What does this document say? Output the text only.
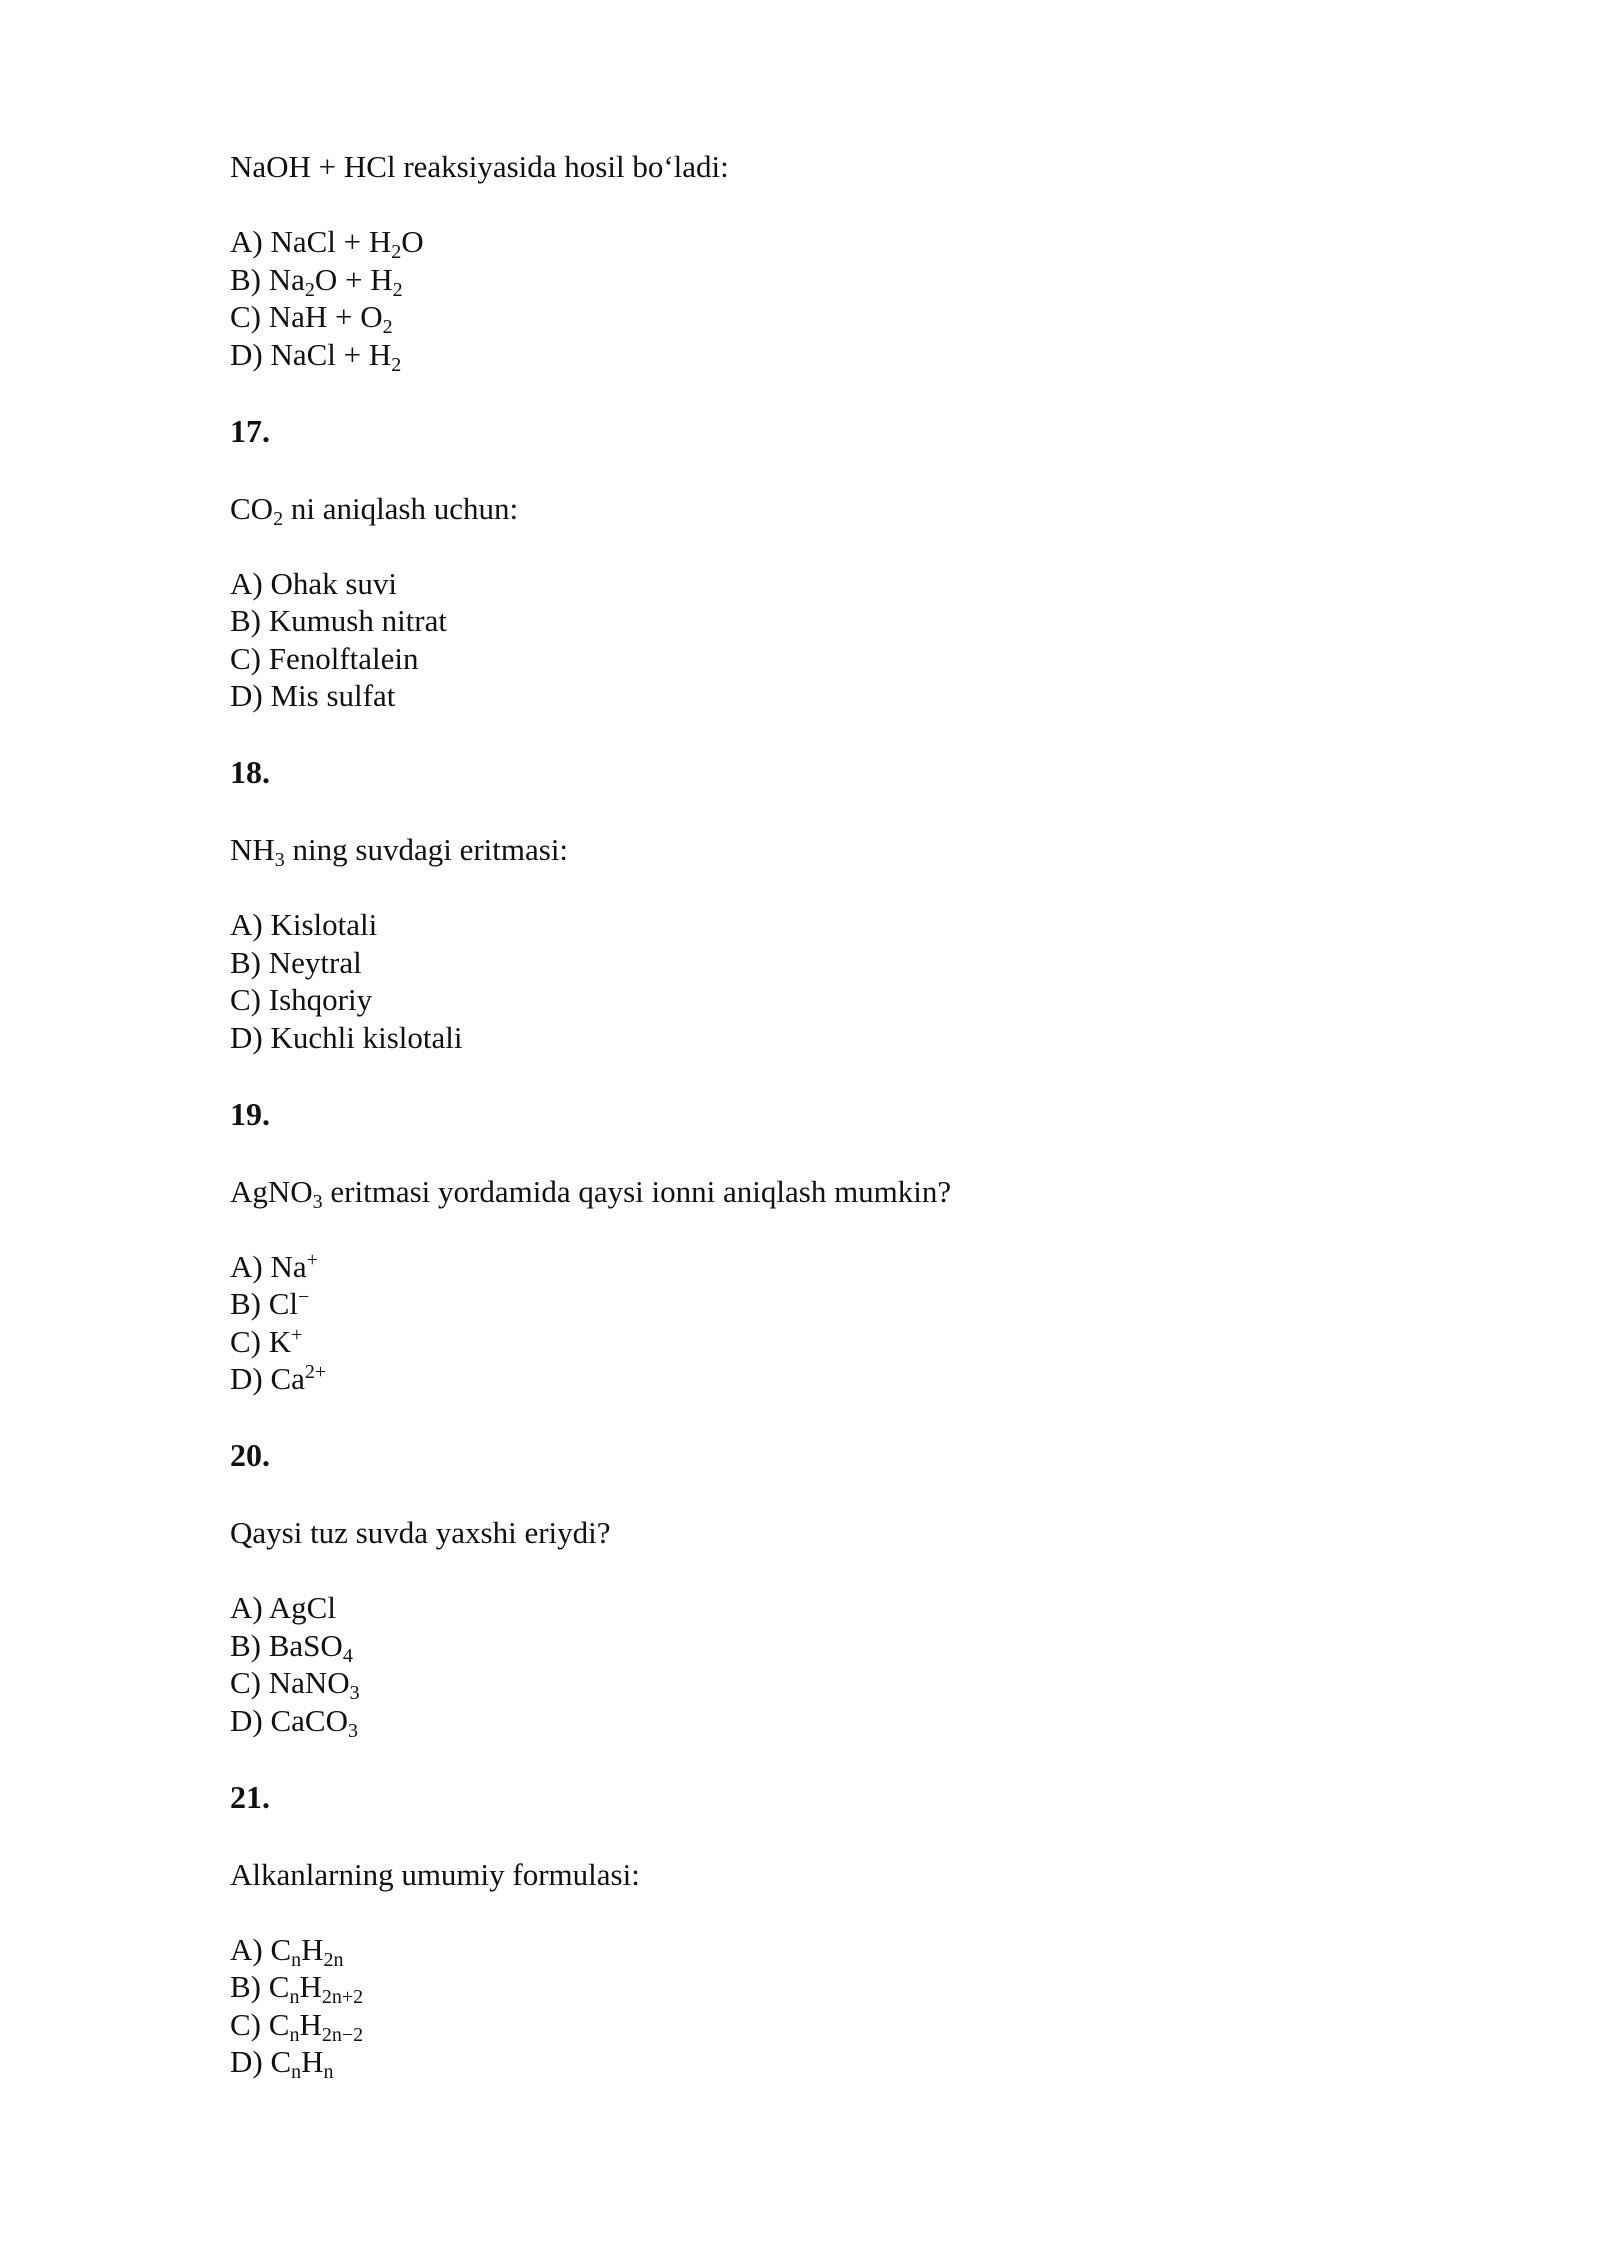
NaOH + HCl reaksiyasida hosil bo‘ladi:
A) NaCl + $H_2O$
B) $Na_2O + H_2$
C) NaH + $O_2$
D) NaCl + $H_2$
17.
$CO_2$ ni aniqlash uchun:
A) Ohak suvi
B) Kumush nitrat
C) Fenolftalein
D) Mis sulfat
18.
$NH_3$ ning suvdagi eritmasi:
A) Kislotali
B) Neytral
C) Ishqoriy
D) Kuchli kislotali
19.
AgNO$_3$ eritmasi yordamida qaysi ionni aniqlash mumkin?
A) Na+
B) Cl−
C) K+
D) $Ca^{2+}$
20.
Qaysi tuz suvda yaxshi eriydi?
A) AgCl
B) BaSO$_4$
C) NaNO$_3$
D) CaCO$_3$
21.
Alkanlarning umumiy formulasi:
A) $C_nH_{2n}$
B) $C_nH_{2n+2}$
C) $C_nH_{2n-2}$
D) $C_nH_n$
